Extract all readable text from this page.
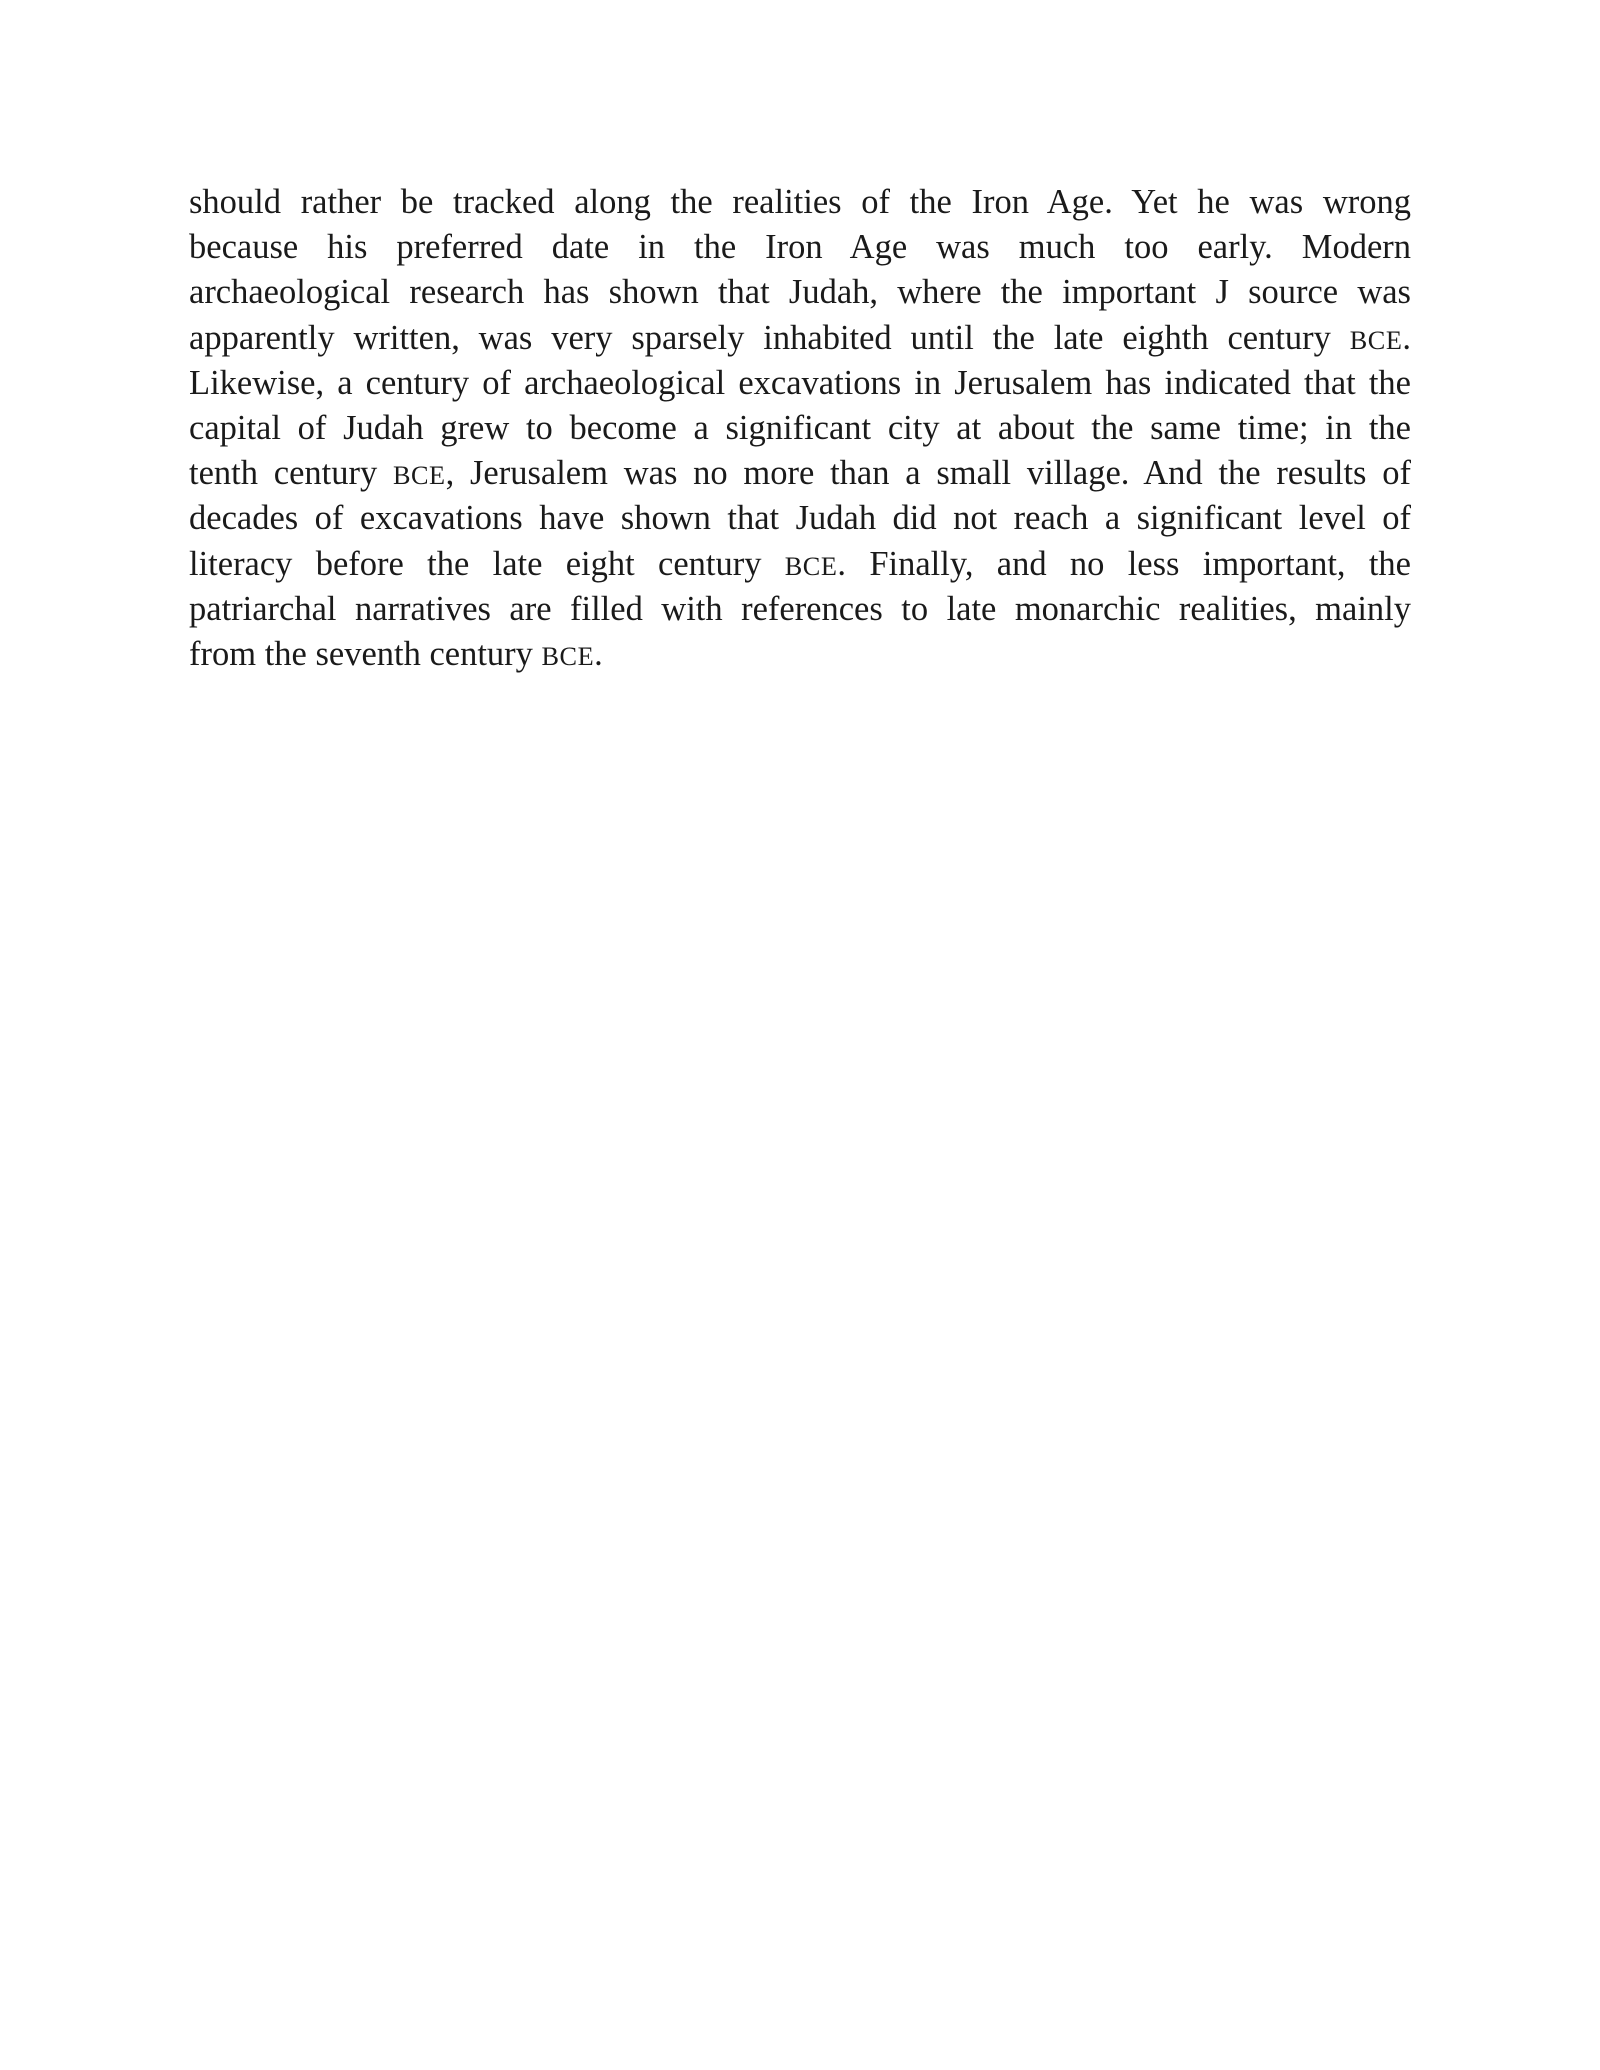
should rather be tracked along the realities of the Iron Age. Yet he was wrong
because his preferred date in the Iron Age was much too early. Modern
archaeological research has shown that Judah, where the important J source was
apparently written, was very sparsely inhabited until the late eighth century BCE.
Likewise, a century of archaeological excavations in Jerusalem has indicated that the
capital of Judah grew to become a significant city at about the same time; in the
tenth century BCE, Jerusalem was no more than a small village. And the results of
decades of excavations have shown that Judah did not reach a significant level of
literacy before the late eight century BCE. Finally, and no less important, the
patriarchal narratives are filled with references to late monarchic realities, mainly
from the seventh century BCE.
